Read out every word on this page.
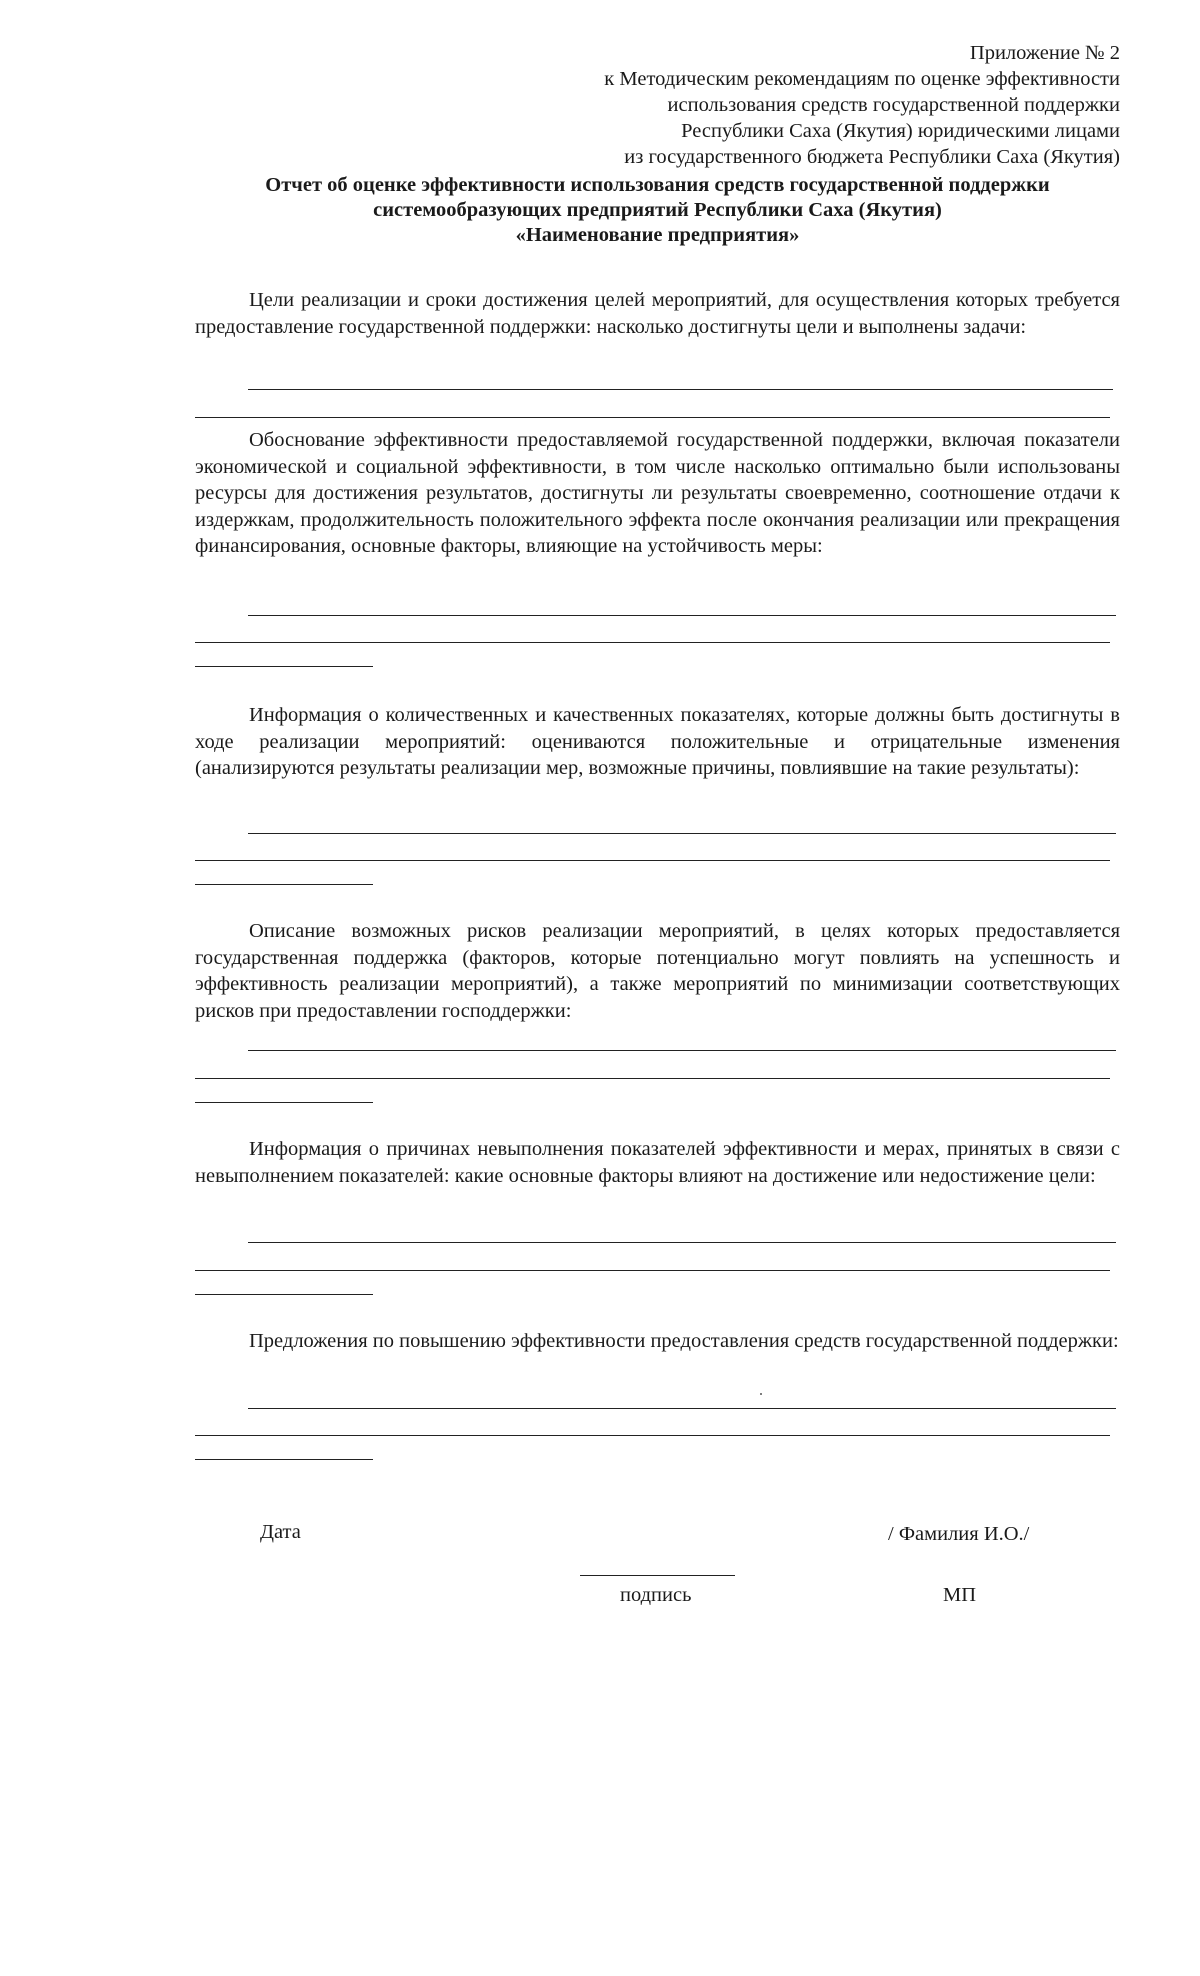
Приложение № 2
к Методическим рекомендациям по оценке эффективности
использования средств государственной поддержки
Республики Саха (Якутия) юридическими лицами
из государственного бюджета Республики Саха (Якутия)
Отчет об оценке эффективности использования средств государственной поддержки
системообразующих предприятий Республики Саха (Якутия)
«Наименование предприятия»
Цели реализации и сроки достижения целей мероприятий, для осуществления которых требуется предоставление государственной поддержки: насколько достигнуты цели и выполнены задачи:
Обоснование эффективности предоставляемой государственной поддержки, включая показатели экономической и социальной эффективности, в том числе насколько оптимально были использованы ресурсы для достижения результатов, достигнуты ли результаты своевременно, соотношение отдачи к издержкам, продолжительность положительного эффекта после окончания реализации или прекращения финансирования, основные факторы, влияющие на устойчивость меры:
Информация о количественных и качественных показателях, которые должны быть достигнуты в ходе реализации мероприятий: оцениваются положительные и отрицательные изменения (анализируются результаты реализации мер, возможные причины, повлиявшие на такие результаты):
Описание возможных рисков реализации мероприятий, в целях которых предоставляется государственная поддержка (факторов, которые потенциально могут повлиять на успешность и эффективность реализации мероприятий), а также мероприятий по минимизации соответствующих рисков при предоставлении господдержки:
Информация о причинах невыполнения показателей эффективности и мерах, принятых в связи с невыполнением показателей: какие основные факторы влияют на достижение или недостижение цели:
Предложения по повышению эффективности предоставления средств государственной поддержки:
Дата	/ Фамилия И.О./
подпись	МП
